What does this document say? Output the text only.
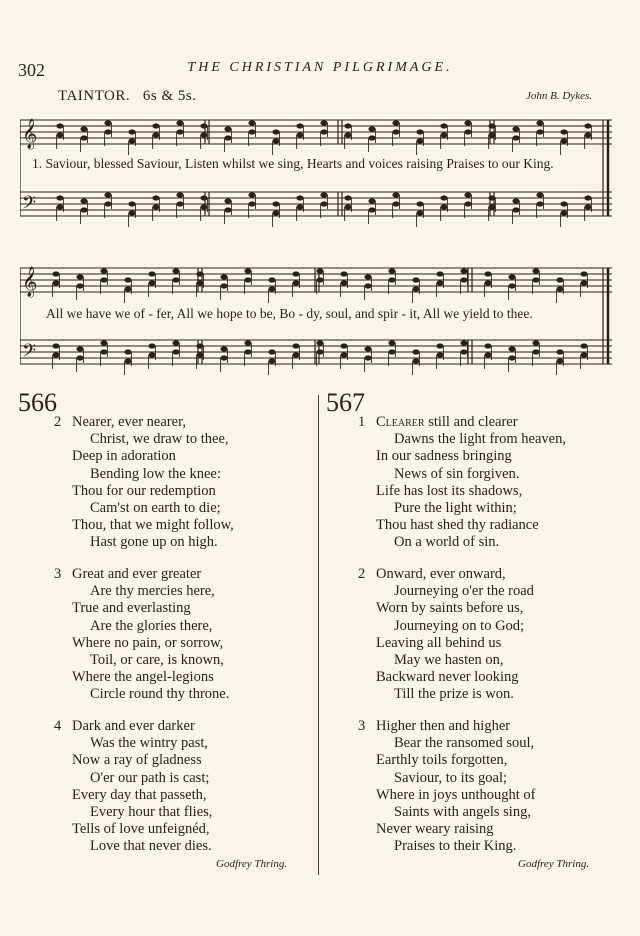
302	THE CHRISTIAN PILGRIMAGE.
TAINTOR. 6s & 5s.	John B. Dykes.
𝄞
𝄢
1. Saviour, blessed Saviour, Listen whilst we sing, Hearts and voices raising Praises to our King.
𝄞
𝄢
All we have we of - fer, All we hope to be, Bo - dy, soul, and spir - it, All we yield to thee.
566
2 Nearer, ever nearer,
Christ, we draw to thee,
Deep in adoration
Bending low the knee:
Thou for our redemption
Cam'st on earth to die;
Thou, that we might follow,
Hast gone up on high.
3 Great and ever greater
Are thy mercies here,
True and everlasting
Are the glories there,
Where no pain, or sorrow,
Toil, or care, is known,
Where the angel-legions
Circle round thy throne.
4 Dark and ever darker
Was the wintry past,
Now a ray of gladness
O'er our path is cast;
Every day that passeth,
Every hour that flies,
Tells of love unfeignéd,
Love that never dies.
Godfrey Thring.
567
1 Clearer still and clearer
Dawns the light from heaven,
In our sadness bringing
News of sin forgiven.
Life has lost its shadows,
Pure the light within;
Thou hast shed thy radiance
On a world of sin.
2 Onward, ever onward,
Journeying o'er the road
Worn by saints before us,
Journeying on to God;
Leaving all behind us
May we hasten on,
Backward never looking
Till the prize is won.
3 Higher then and higher
Bear the ransomed soul,
Earthly toils forgotten,
Saviour, to its goal;
Where in joys unthought of
Saints with angels sing,
Never weary raising
Praises to their King.
Godfrey Thring.
